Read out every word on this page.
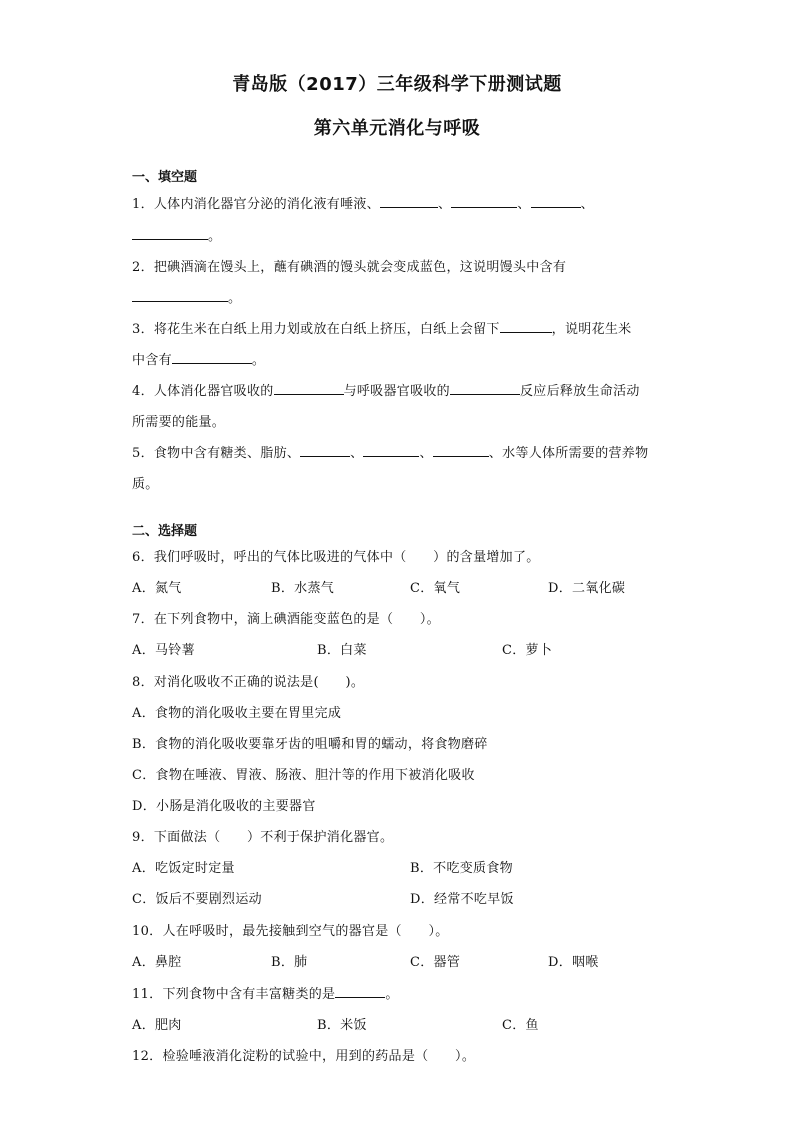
青岛版（2017）三年级科学下册测试题
第六单元消化与呼吸
一、填空题
1．人体内消化器官分泌的消化液有唾液、	、	、	、
。
2．把碘酒滴在馒头上，蘸有碘酒的馒头就会变成蓝色，这说明馒头中含有
。
3．将花生米在白纸上用力划或放在白纸上挤压，白纸上会留下	，说明花生米
中含有	。
4．人体消化器官吸收的	与呼吸器官吸收的	反应后释放生命活动
所需要的能量。
5．食物中含有糖类、脂肪、	、	、	、水等人体所需要的营养物
质。
二、选择题
6．我们呼吸时，呼出的气体比吸进的气体中（　　）的含量增加了。
A．氮气	B．水蒸气	C．氧气	D．二氧化碳
7．在下列食物中，滴上碘酒能变蓝色的是（　　）。
A．马铃薯	B．白菜	C．萝卜
8．对消化吸收不正确的说法是(　　)。
A．食物的消化吸收主要在胃里完成
B．食物的消化吸收要靠牙齿的咀嚼和胃的蠕动，将食物磨碎
C．食物在唾液、胃液、肠液、胆汁等的作用下被消化吸收
D．小肠是消化吸收的主要器官
9．下面做法（　　）不利于保护消化器官。
A．吃饭定时定量	B．不吃变质食物
C．饭后不要剧烈运动	D．经常不吃早饭
10．人在呼吸时，最先接触到空气的器官是（　　）。
A．鼻腔	B．肺	C．器管	D．咽喉
11．下列食物中含有丰富糖类的是	。
A．肥肉	B．米饭	C．鱼
12．检验唾液消化淀粉的试验中，用到的药品是（　　）。
